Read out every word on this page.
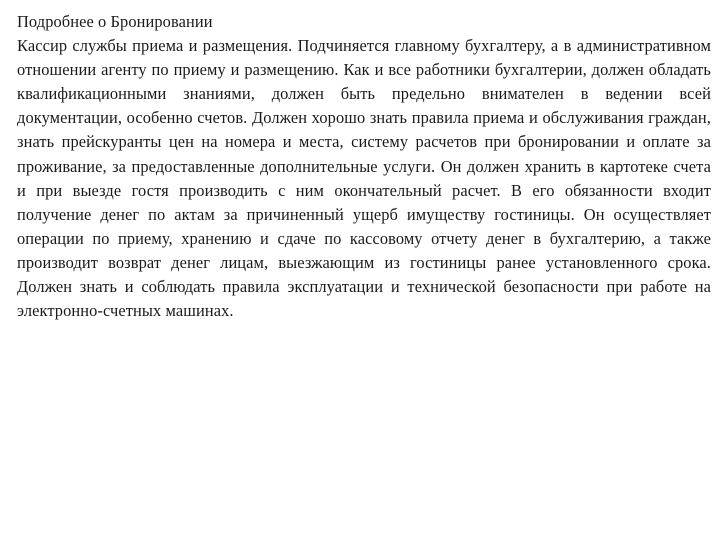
Подробнее о Бронировании

Кассир службы приема и размещения. Подчиняется главному бухгалтеру, а в административном отношении агенту по приему и размещению. Как и все работники бухгалтерии, должен обладать квалификационными знаниями, должен быть предельно внимателен в ведении всей документации, особенно счетов. Должен хорошо знать правила приема и обслуживания граждан, знать прейскуранты цен на номера и места, систему расчетов при бронировании и оплате за проживание, за предоставленные дополнительные услуги. Он должен хранить в картотеке счета и при выезде гостя производить с ним окончательный расчет. В его обязанности входит получение денег по актам за причиненный ущерб имуществу гостиницы. Он осуществляет операции по приему, хранению и сдаче по кассовому отчету денег в бухгалтерию, а также производит возврат денег лицам, выезжающим из гостиницы ранее установленного срока. Должен знать и соблюдать правила эксплуатации и технической безопасности при работе на электронно-счетных машинах.
